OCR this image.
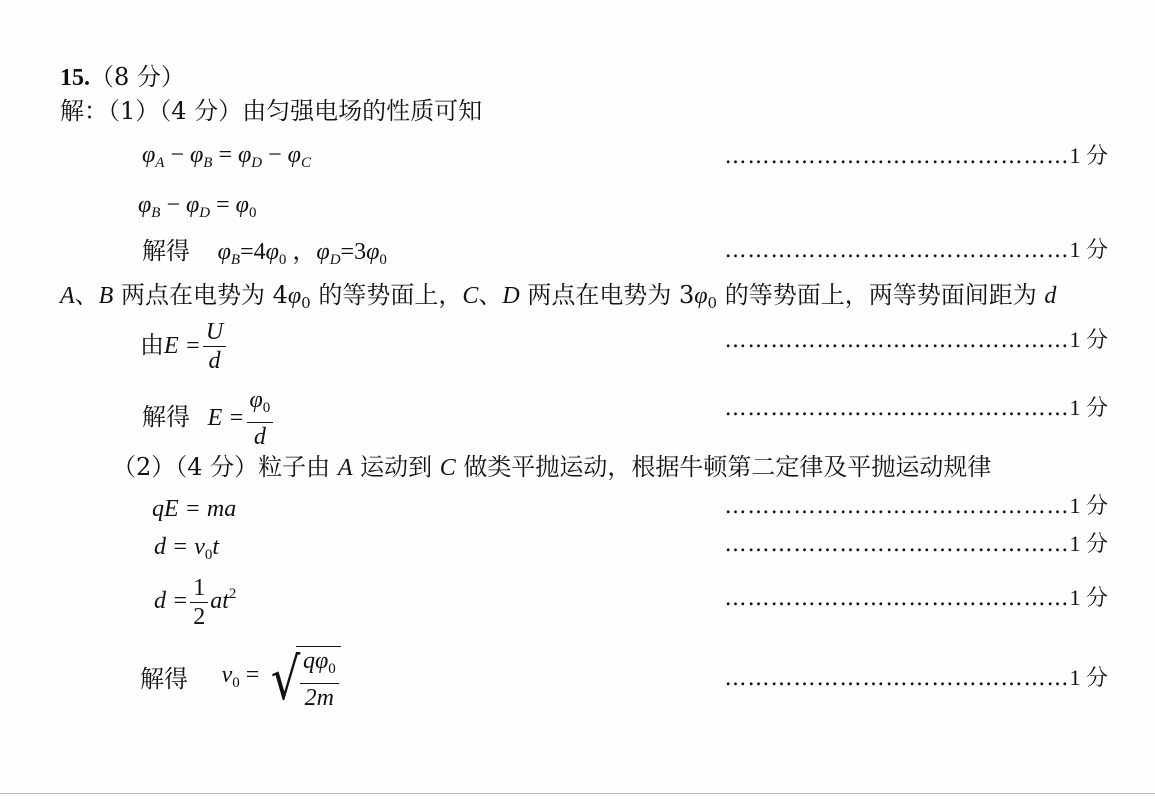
15.（8 分）
解：（1）（4 分）由匀强电场的性质可知
$\varphi_A - \varphi_B = \varphi_D - \varphi_C$	………………………………………1 分
$\varphi_B - \varphi_D = \varphi_0$
解得 $\varphi_B=4\varphi_0$ ，$\varphi_D=3\varphi_0$	………………………………………1 分
A、B 两点在电势为 $4\varphi_0$ 的等势面上，C、D 两点在电势为 $3\varphi_0$ 的等势面上，两等势面间距为 d
由$E = \frac{U}{d}$	………………………………………1 分
解得 $E = \frac{\varphi_0}{d}$	………………………………………1 分
（2）（4 分）粒子由 A 运动到 C 做类平抛运动，根据牛顿第二定律及平抛运动规律
qE = ma	………………………………………1 分
$d = v_0t$	………………………………………1 分
$d = \frac{1}{2} at^2$	………………………………………1 分
解得 $v_0$ = √ $\frac{q\varphi_0}{2m}$	………………………………………1 分
